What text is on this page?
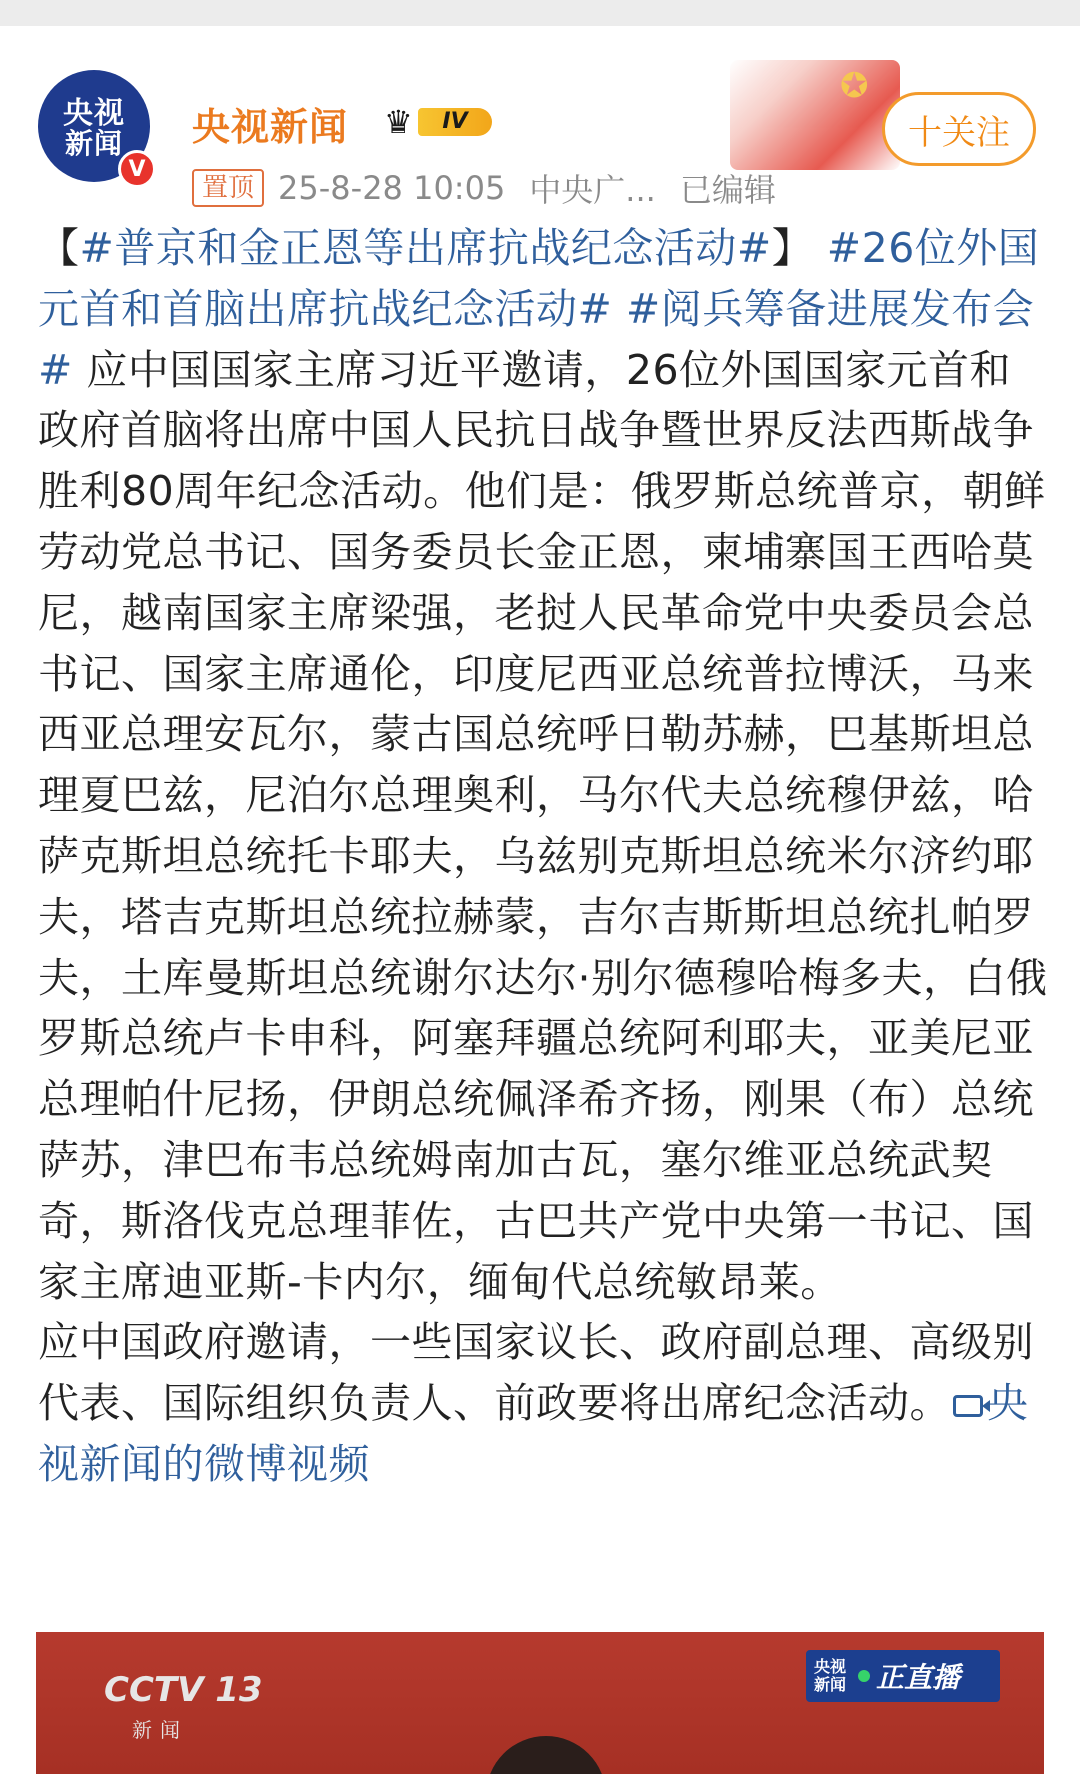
央视
新闻
V
央视新闻 ♛	IV
✪
十关注
置顶 25-8-28 10:05 中央广... 已编辑
【#普京和金正恩等出席抗战纪念活动#】 #26位外国元首和首脑出席抗战纪念活动# #阅兵筹备进展发布会# 应中国国家主席习近平邀请，26位外国国家元首和政府首脑将出席中国人民抗日战争暨世界反法西斯战争胜利80周年纪念活动。他们是：俄罗斯总统普京，朝鲜劳动党总书记、国务委员长金正恩，柬埔寨国王西哈莫尼，越南国家主席梁强，老挝人民革命党中央委员会总书记、国家主席通伦，印度尼西亚总统普拉博沃，马来西亚总理安瓦尔，蒙古国总统呼日勒苏赫，巴基斯坦总理夏巴兹，尼泊尔总理奥利，马尔代夫总统穆伊兹，哈萨克斯坦总统托卡耶夫，乌兹别克斯坦总统米尔济约耶夫，塔吉克斯坦总统拉赫蒙，吉尔吉斯斯坦总统扎帕罗夫，土库曼斯坦总统谢尔达尔·别尔德穆哈梅多夫，白俄罗斯总统卢卡申科，阿塞拜疆总统阿利耶夫，亚美尼亚总理帕什尼扬，伊朗总统佩泽希齐扬，刚果（布）总统萨苏，津巴布韦总统姆南加古瓦，塞尔维亚总统武契奇，斯洛伐克总理菲佐，古巴共产党中央第一书记、国家主席迪亚斯-卡内尔，缅甸代总统敏昂莱。
应中国政府邀请，一些国家议长、政府副总理、高级别代表、国际组织负责人、前政要将出席纪念活动。 央视新闻的微博视频
CCTV 13
新闻
央视新闻 正直播
